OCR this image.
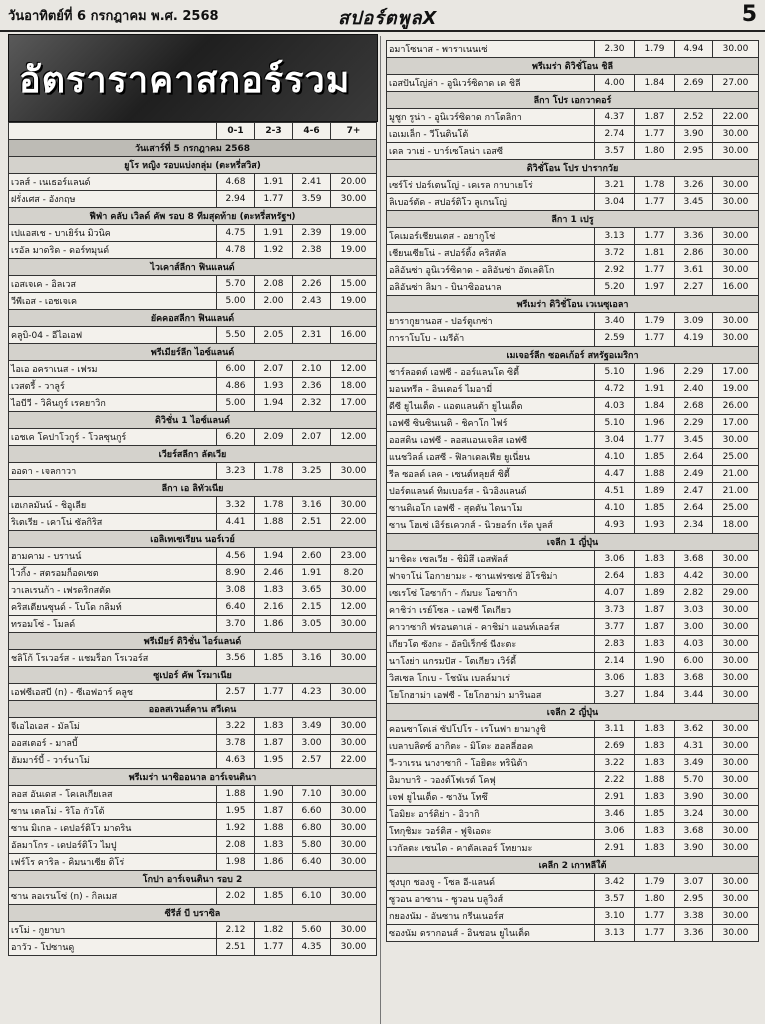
วันอาทิตย์ที่ 6 กรกฎาคม พ.ศ. 2568	สปอร์ตพูลX	5
อัตราราคาสกอร์รวม
	0-1	2-3	4-6	7+
วันเสาร์ที่ 5 กรกฎาคม 2568				
ยูโร หญิง รอบแบ่งกลุ่ม (ตะหรี่สวิส)				
เวลส์ - เนเธอร์แลนด์	4.68	1.91	2.41	20.00
ฝรั่งเศส - อังกฤษ	2.94	1.77	3.59	30.00
ฟีฟ่า คลับ เวิลด์ คัพ รอบ 8 ทีมสุดท้าย (ตะหรี่สหรัฐฯ)				
เปแอสเช - บาเยิร์น มิวนิค	4.75	1.91	2.39	19.00
เรอัล มาดริด - ดอร์ทมุนด์	4.78	1.92	2.38	19.00
ไวเคาส์ลีกา ฟินแลนด์				
เอสเจเค - อิลเวส	5.70	2.08	2.26	15.00
วีพีเอส - เอชเจเค	5.00	2.00	2.43	19.00
ยัคคอสลีกา ฟินแลนด์				
คลูบิ-04 - อีไอเอฟ	5.50	2.05	2.31	16.00
พรีเมียร์ลีก ไอซ์แลนด์				
ไอเอ อคราเนส - เฟรม	6.00	2.07	2.10	12.00
เวสตรี้ - วาลูร์	4.86	1.93	2.36	18.00
ไอบีวี - วิคินกูร์ เรคยาวิก	5.00	1.94	2.32	17.00
ดิวิชั่น 1 ไอซ์แลนด์				
เอชเค โคปาโวกูร์ - โวลซุนกูร์	6.20	2.09	2.07	12.00
เวียร์สลีกา ลัตเวีย				
ออดา - เจลกาวา	3.23	1.78	3.25	30.00
ลีกา เอ ลิทัวเนีย				
เฮเกลมันน์ - ชิอูเลีย	3.32	1.78	3.16	30.00
ริเตเรีย - เคาโน่ ซัลกิริส	4.41	1.88	2.51	22.00
เอลิเทเซเรียน นอร์เวย์				
ฮามคาม - บรานน์	4.56	1.94	2.60	23.00
ไวกิ้ง - สตรอมก็อดเซต	8.90	2.46	1.91	8.20
วาเลเรนก้า - เฟรดริกสตัด	3.08	1.83	3.65	30.00
คริสเตียนซุนด์ - โบโด กลิมท์	6.40	2.16	2.15	12.00
ทรอมโซ่ - โมลด์	3.70	1.86	3.05	30.00
พรีเมียร์ ดิวิชั่น ไอร์แลนด์				
ชลิโก้ โรเวอร์ส - แชมร็อก โรเวอร์ส	3.56	1.85	3.16	30.00
ซูเปอร์ คัพ โรมาเนีย				
เอฟซีเอสบี (n) - ซีเอฟอาร์ คลูช	2.57	1.77	4.23	30.00
ออลสเวนส์คาน สวีเดน				
จีเอไอเอส - มัลโม่	3.22	1.83	3.49	30.00
ออสเตอร์ - มาลบี้	3.78	1.87	3.00	30.00
ฮัมมาร์บี้ - วาร์นาโม่	4.63	1.95	2.57	22.00
พรีเมร่า นาซิออนาล อาร์เจนตินา				
ลอส อันเดส - โคเลเกียเลส	1.88	1.90	7.10	30.00
ซาน เตลโม่ - ริโอ กัวโต้	1.95	1.87	6.60	30.00
ซาน มิเกล - เดปอร์ติโว มาดริน	1.92	1.88	6.80	30.00
อัลมาโกร - เดปอร์ติโว ไมปู	2.08	1.83	5.80	30.00
เฟร์โร คาริล - คิมนาเซีย ติโร่	1.98	1.86	6.40	30.00
โกปา อาร์เจนตินา รอบ 2				
ซาน ลอเรนโซ่ (n) - กิลเมส	2.02	1.85	6.10	30.00
ซีรีส์ บี บราซิล				
เรโม่ - กูยาบา	2.12	1.82	5.60	30.00
อาวัว - โปซานดู	2.51	1.77	4.35	30.00
อมาโซนาส - พาราเนนเซ่	2.30	1.79	4.94	30.00
พรีเมร่า ดิวิชั่โอน ชิลี				
เอสปันโญ่ล่า - อูนิเวร์ซิดาด เด ชิลี	4.00	1.84	2.69	27.00
ลีกา โปร เอกวาดอร์				
มูชูก รูน่า - อูนิเวร์ซิดาด กาโตลิกา	4.37	1.87	2.52	22.00
เอเมเล็ก - วีโนตินโต้	2.74	1.77	3.90	30.00
เดล วาเย่ - บาร์เซโลน่า เอสซี	3.57	1.80	2.95	30.00
ดิวิชั่โอน โปร ปารากวัย				
เซร์โร่ ปอร์เตนโญ่ - เคเรล กาบาเยโร่	3.21	1.78	3.26	30.00
ลิเบอร์ตัด - สปอร์ติโว ลูเกนโญ่	3.04	1.77	3.45	30.00
ลีกา 1 เปรู				
โคเมอร์เชียนเตส - อยากูโช่	3.13	1.77	3.36	30.00
เชียนเซียโน่ - สปอร์ติ้ง คริสตัล	3.72	1.81	2.86	30.00
อลิอันซ่า อูนิเวร์ซิดาด - อลิอันซ่า อัตเลติโก	2.92	1.77	3.61	30.00
อลิอันซ่า ลิมา - บินาซิออนาล	5.20	1.97	2.27	16.00
พรีเมร่า ดิวิชั่โอน เวเนซุเอลา				
ยารากูยานอส - ปอร์ตูเกซ่า	3.40	1.79	3.09	30.00
การาโบโบ - เมรีด้า	2.59	1.77	4.19	30.00
เมเจอร์ลีก ซอคเก้อร์ สหรัฐอเมริกา				
ชาร์ลอตต์ เอฟซี - ออร์แลนโด ซิตี้	5.10	1.96	2.29	17.00
มอนทรีล - อินเตอร์ ไมอามี่	4.72	1.91	2.40	19.00
ดีซี ยูไนเต็ด - แอตแลนต้า ยูไนเต็ด	4.03	1.84	2.68	26.00
เอฟซี ซินซินเนติ - ชิคาโก ไฟร์	5.10	1.96	2.29	17.00
ออสติน เอฟซี - ลอสแอนเจลิส เอฟซี	3.04	1.77	3.45	30.00
แนชวิลล์ เอสซี - ฟิลาเดลเฟีย ยูเนี่ยน	4.10	1.85	2.64	25.00
รีล ซอลต์ เลค - เซนต์หลุยส์ ซิตี้	4.47	1.88	2.49	21.00
ปอร์ตแลนด์ ทิมเบอร์ส - นิวอิงแลนด์	4.51	1.89	2.47	21.00
ซานดิเอโก เอฟซี - สุดตัน ไดนาโม	4.10	1.85	2.64	25.00
ซาน โฮเซ่ เอิร์ธเควกส์ - นิวยอร์ก เร้ด บูลส์	4.93	1.93	2.34	18.00
เจลีก 1 ญี่ปุ่น				
มาชิดะ เซลเวีย - ชิมิสึ เอสพัลส์	3.06	1.83	3.68	30.00
ฟาจาโน่ โอกายามะ - ซานเฟรซเซ่ ฮิโรชิม่า	2.64	1.83	4.42	30.00
เซเรโซ่ โอซาก้า - กัมบะ โอซาก้า	4.07	1.89	2.82	29.00
คาชิว่า เรย์โซล - เอฟซี โตเกียว	3.73	1.87	3.03	30.00
คาวาซากิ ฟรอนตาเล่ - คาชิม่า แอนท์เลอร์ส	3.77	1.87	3.00	30.00
เกียวโต ซังกะ - อัลบิเร็กซ์ นีงะตะ	2.83	1.83	4.03	30.00
นาโงย่า แกรมปัส - โตเกียว เวิร์ดี้	2.14	1.90	6.00	30.00
วิสเซล โกเบ - โชนัน เบลล์มาเร่	3.06	1.83	3.68	30.00
โยโกฮาม่า เอฟซี - โยโกฮาม่า มารินอส	3.27	1.84	3.44	30.00
เจลีก 2 ญี่ปุ่น				
คอนซาโดเล่ ซัปโปโร - เรโนฟา ยามางูชิ	3.11	1.83	3.62	30.00
เบลาบลิตซ์ อากิตะ - มิโตะ ฮอลลี่ฮอค	2.69	1.83	4.31	30.00
วี-วาเรน นางาซากิ - โอยิตะ ทรินิต้า	3.22	1.83	3.49	30.00
อิมาบาริ - วองต์โฟเรต์ โคฟุ	2.22	1.88	5.70	30.00
เจฟ ยูไนเต็ด - ซางัน โทซึ	2.91	1.83	3.90	30.00
โอมิยะ อาร์ดิย่า - อิวากิ	3.46	1.85	3.24	30.00
โทกุชิมะ วอร์ติส - ฟูจิเอดะ	3.06	1.83	3.68	30.00
เวกัลตะ เซนได - คาตัลเลอร์ โทยามะ	2.91	1.83	3.90	30.00
เคลีก 2 เกาหลีใต้				
ชุงบุก ชองจู - โซล อี-แลนด์	3.42	1.79	3.07	30.00
ซูวอน อาซาน - ซูวอน บลูวิงส์	3.57	1.80	2.95	30.00
กยองนัม - อันซาน กรีนเนอร์ส	3.10	1.77	3.38	30.00
ซองนัม ดรากอนส์ - อินชอน ยูไนเต็ด	3.13	1.77	3.36	30.00
